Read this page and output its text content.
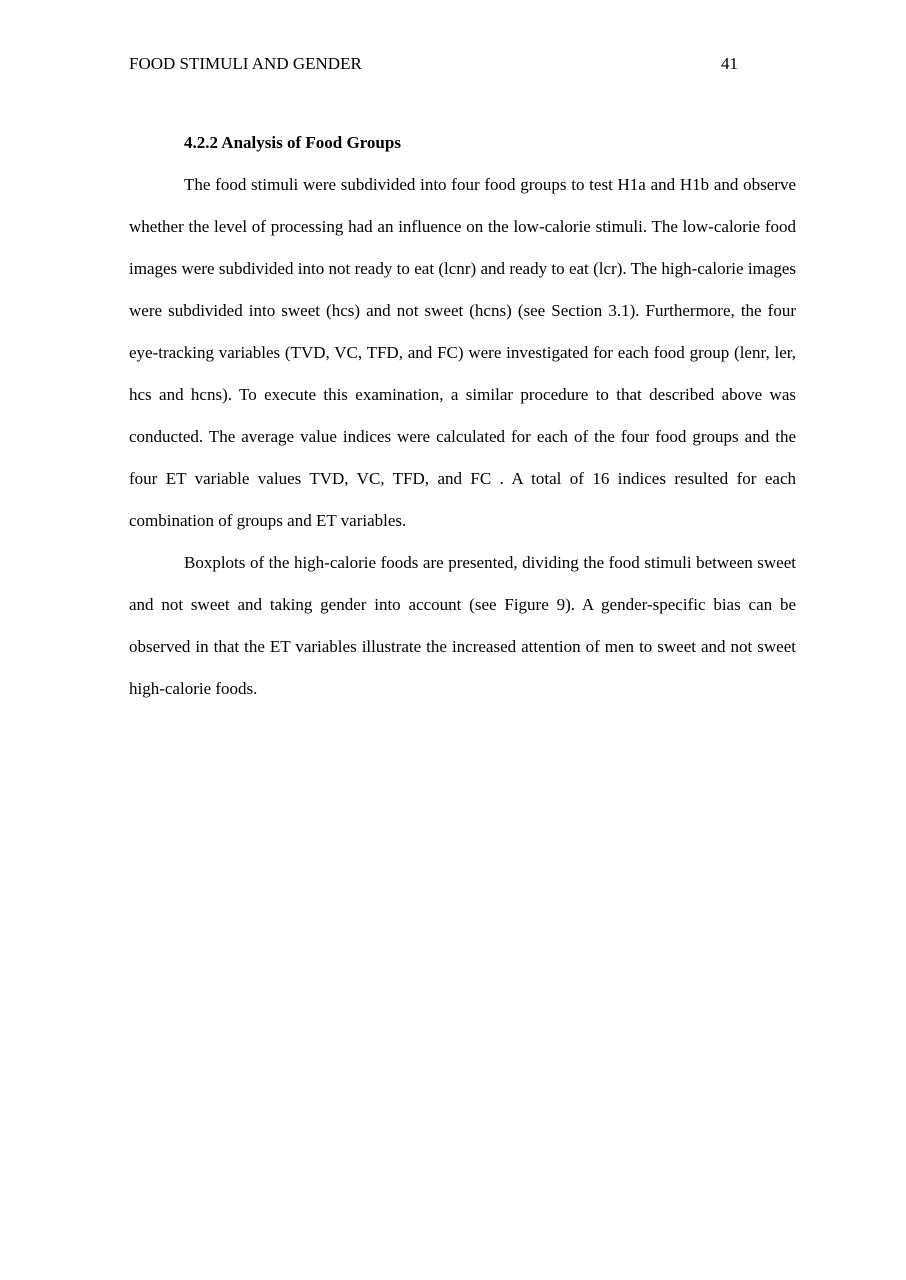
FOOD STIMULI AND GENDER	41
4.2.2 Analysis of Food Groups

The food stimuli were subdivided into four food groups to test H1a and H1b and observe whether the level of processing had an influence on the low-calorie stimuli. The low-calorie food images were subdivided into not ready to eat (lcnr) and ready to eat (lcr). The high-calorie images were subdivided into sweet (hcs) and not sweet (hcns) (see Section 3.1). Furthermore, the four eye-tracking variables (TVD, VC, TFD, and FC) were investigated for each food group (lenr, ler, hcs and hcns). To execute this examination, a similar procedure to that described above was conducted. The average value indices were calculated for each of the four food groups and the four ET variable values TVD, VC, TFD, and FC . A total of 16 indices resulted for each combination of groups and ET variables.

Boxplots of the high-calorie foods are presented, dividing the food stimuli between sweet and not sweet and taking gender into account (see Figure 9). A gender-specific bias can be observed in that the ET variables illustrate the increased attention of men to sweet and not sweet high-calorie foods.
